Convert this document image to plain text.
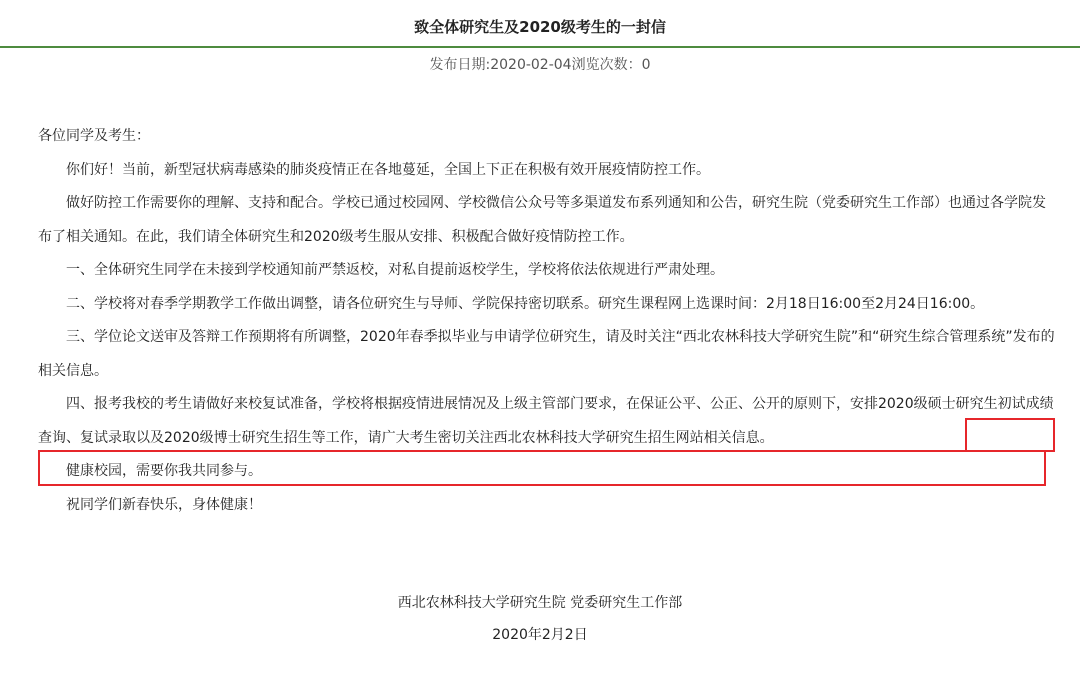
致全体研究生及2020级考生的一封信
发布日期:2020-02-04浏览次数：0

各位同学及考生：

你们好！当前，新型冠状病毒感染的肺炎疫情正在各地蔓延，全国上下正在积极有效开展疫情防控工作。

做好防控工作需要你的理解、支持和配合。学校已通过校园网、学校微信公众号等多渠道发布系列通知和公告，研究生院（党委研究生工作部）也通过各学院发布了相关通知。在此，我们请全体研究生和2020级考生服从安排、积极配合做好疫情防控工作。

一、全体研究生同学在未接到学校通知前严禁返校，对私自提前返校学生，学校将依法依规进行严肃处理。

二、学校将对春季学期教学工作做出调整，请各位研究生与导师、学院保持密切联系。研究生课程网上选课时间：2月18日16:00至2月24日16:00。

三、学位论文送审及答辩工作预期将有所调整，2020年春季拟毕业与申请学位研究生，请及时关注“西北农林科技大学研究生院”和“研究生综合管理系统”发布的相关信息。

四、报考我校的考生请做好来校复试准备，学校将根据疫情进展情况及上级主管部门要求，在保证公平、公正、公开的原则下，安排2020级硕士研究生初试成绩查询、复试录取以及2020级博士研究生招生等工作，请广大考生密切关注西北农林科技大学研究生招生网站相关信息。

健康校园，需要你我共同参与。

祝同学们新春快乐，身体健康！

西北农林科技大学研究生院 党委研究生工作部
2020年2月2日
